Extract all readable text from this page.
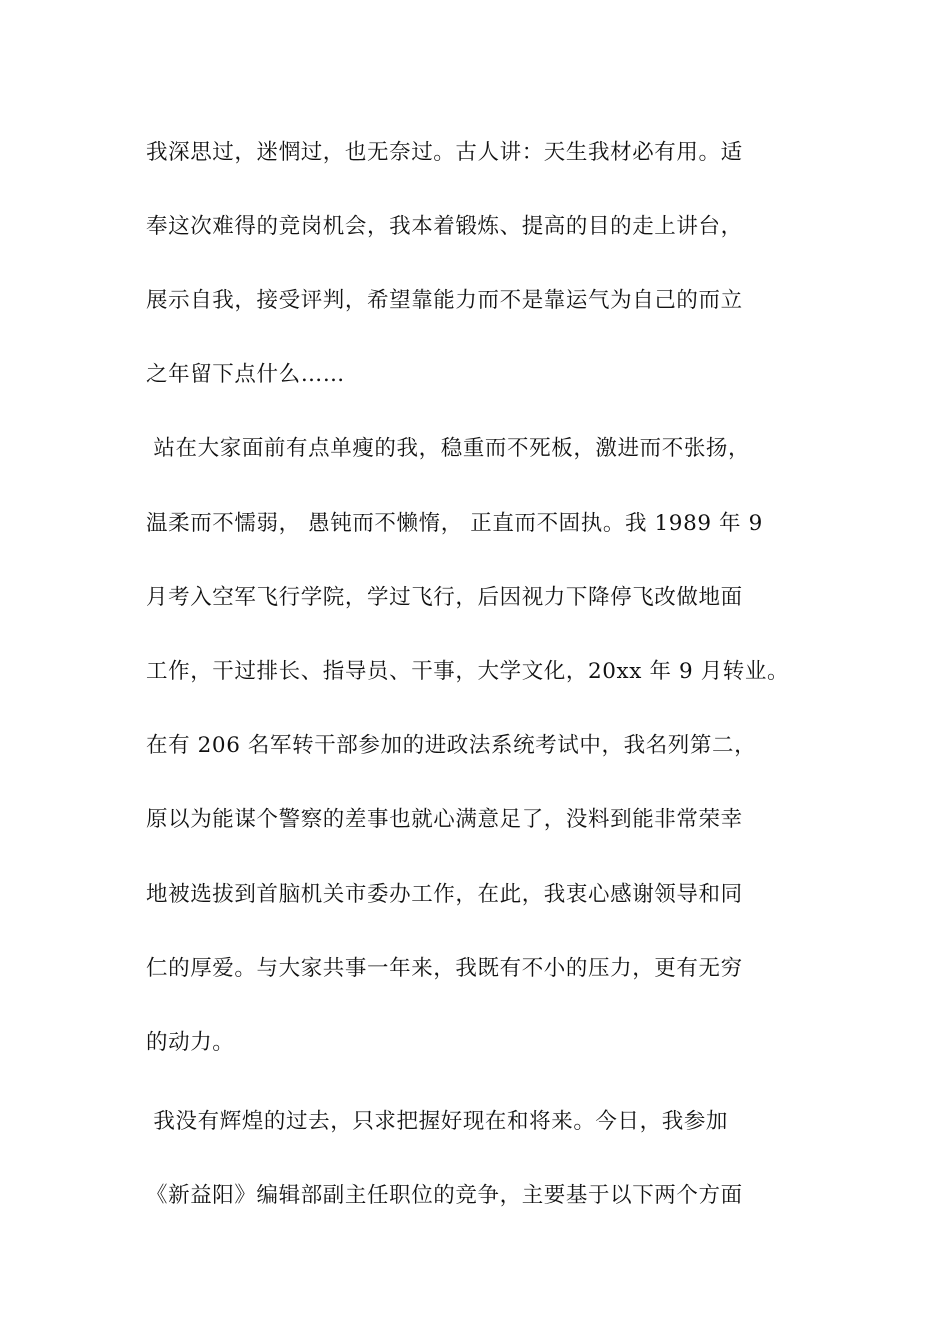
我深思过，迷惘过，也无奈过。古人讲：天生我材必有用。适
奉这次难得的竞岗机会，我本着锻炼、提高的目的走上讲台，
展示自我，接受评判，希望靠能力而不是靠运气为自己的而立
之年留下点什么……
站在大家面前有点单瘦的我，稳重而不死板，激进而不张扬，
温柔而不懦弱， 愚钝而不懒惰， 正直而不固执。我 1989 年 9
月考入空军飞行学院，学过飞行，后因视力下降停飞改做地面
工作，干过排长、指导员、干事，大学文化，20xx 年 9 月转业。
在有 206 名军转干部参加的进政法系统考试中，我名列第二，
原以为能谋个警察的差事也就心满意足了，没料到能非常荣幸
地被选拔到首脑机关市委办工作，在此，我衷心感谢领导和同
仁的厚爱。与大家共事一年来，我既有不小的压力，更有无穷
的动力。
我没有辉煌的过去，只求把握好现在和将来。今日，我参加
《新益阳》编辑部副主任职位的竞争，主要基于以下两个方面
